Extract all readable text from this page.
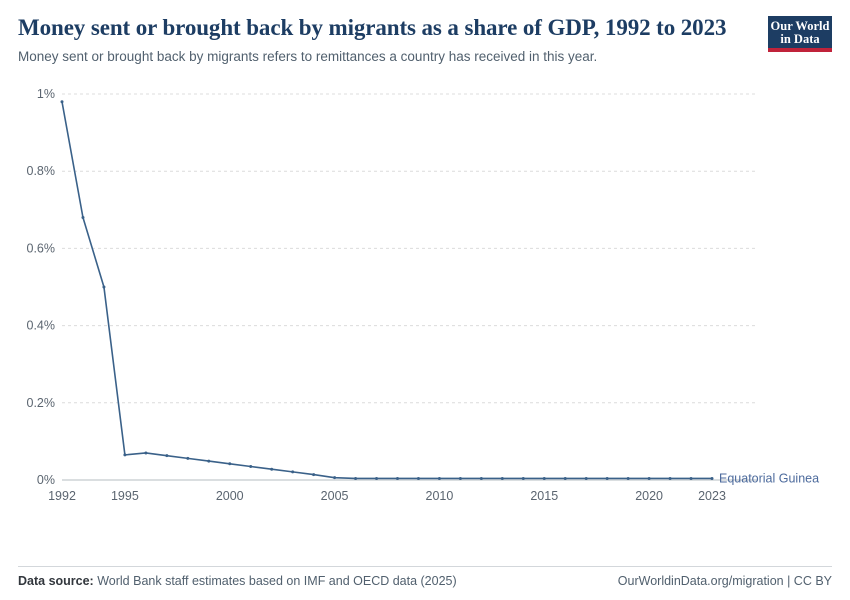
Money sent or brought back by migrants as a share of GDP, 1992 to 2023

Money sent or brought back by migrants refers to remittances a country has received in this year.

Our World
in Data
0%
0.2%
0.4%
0.6%
0.8%
1%
1992	1995	2000	2005	2010	2015	2020	2023
Equatorial Guinea
Data source: World Bank staff estimates based on IMF and OECD data (2025)	OurWorldinData.org/migration | CC BY
